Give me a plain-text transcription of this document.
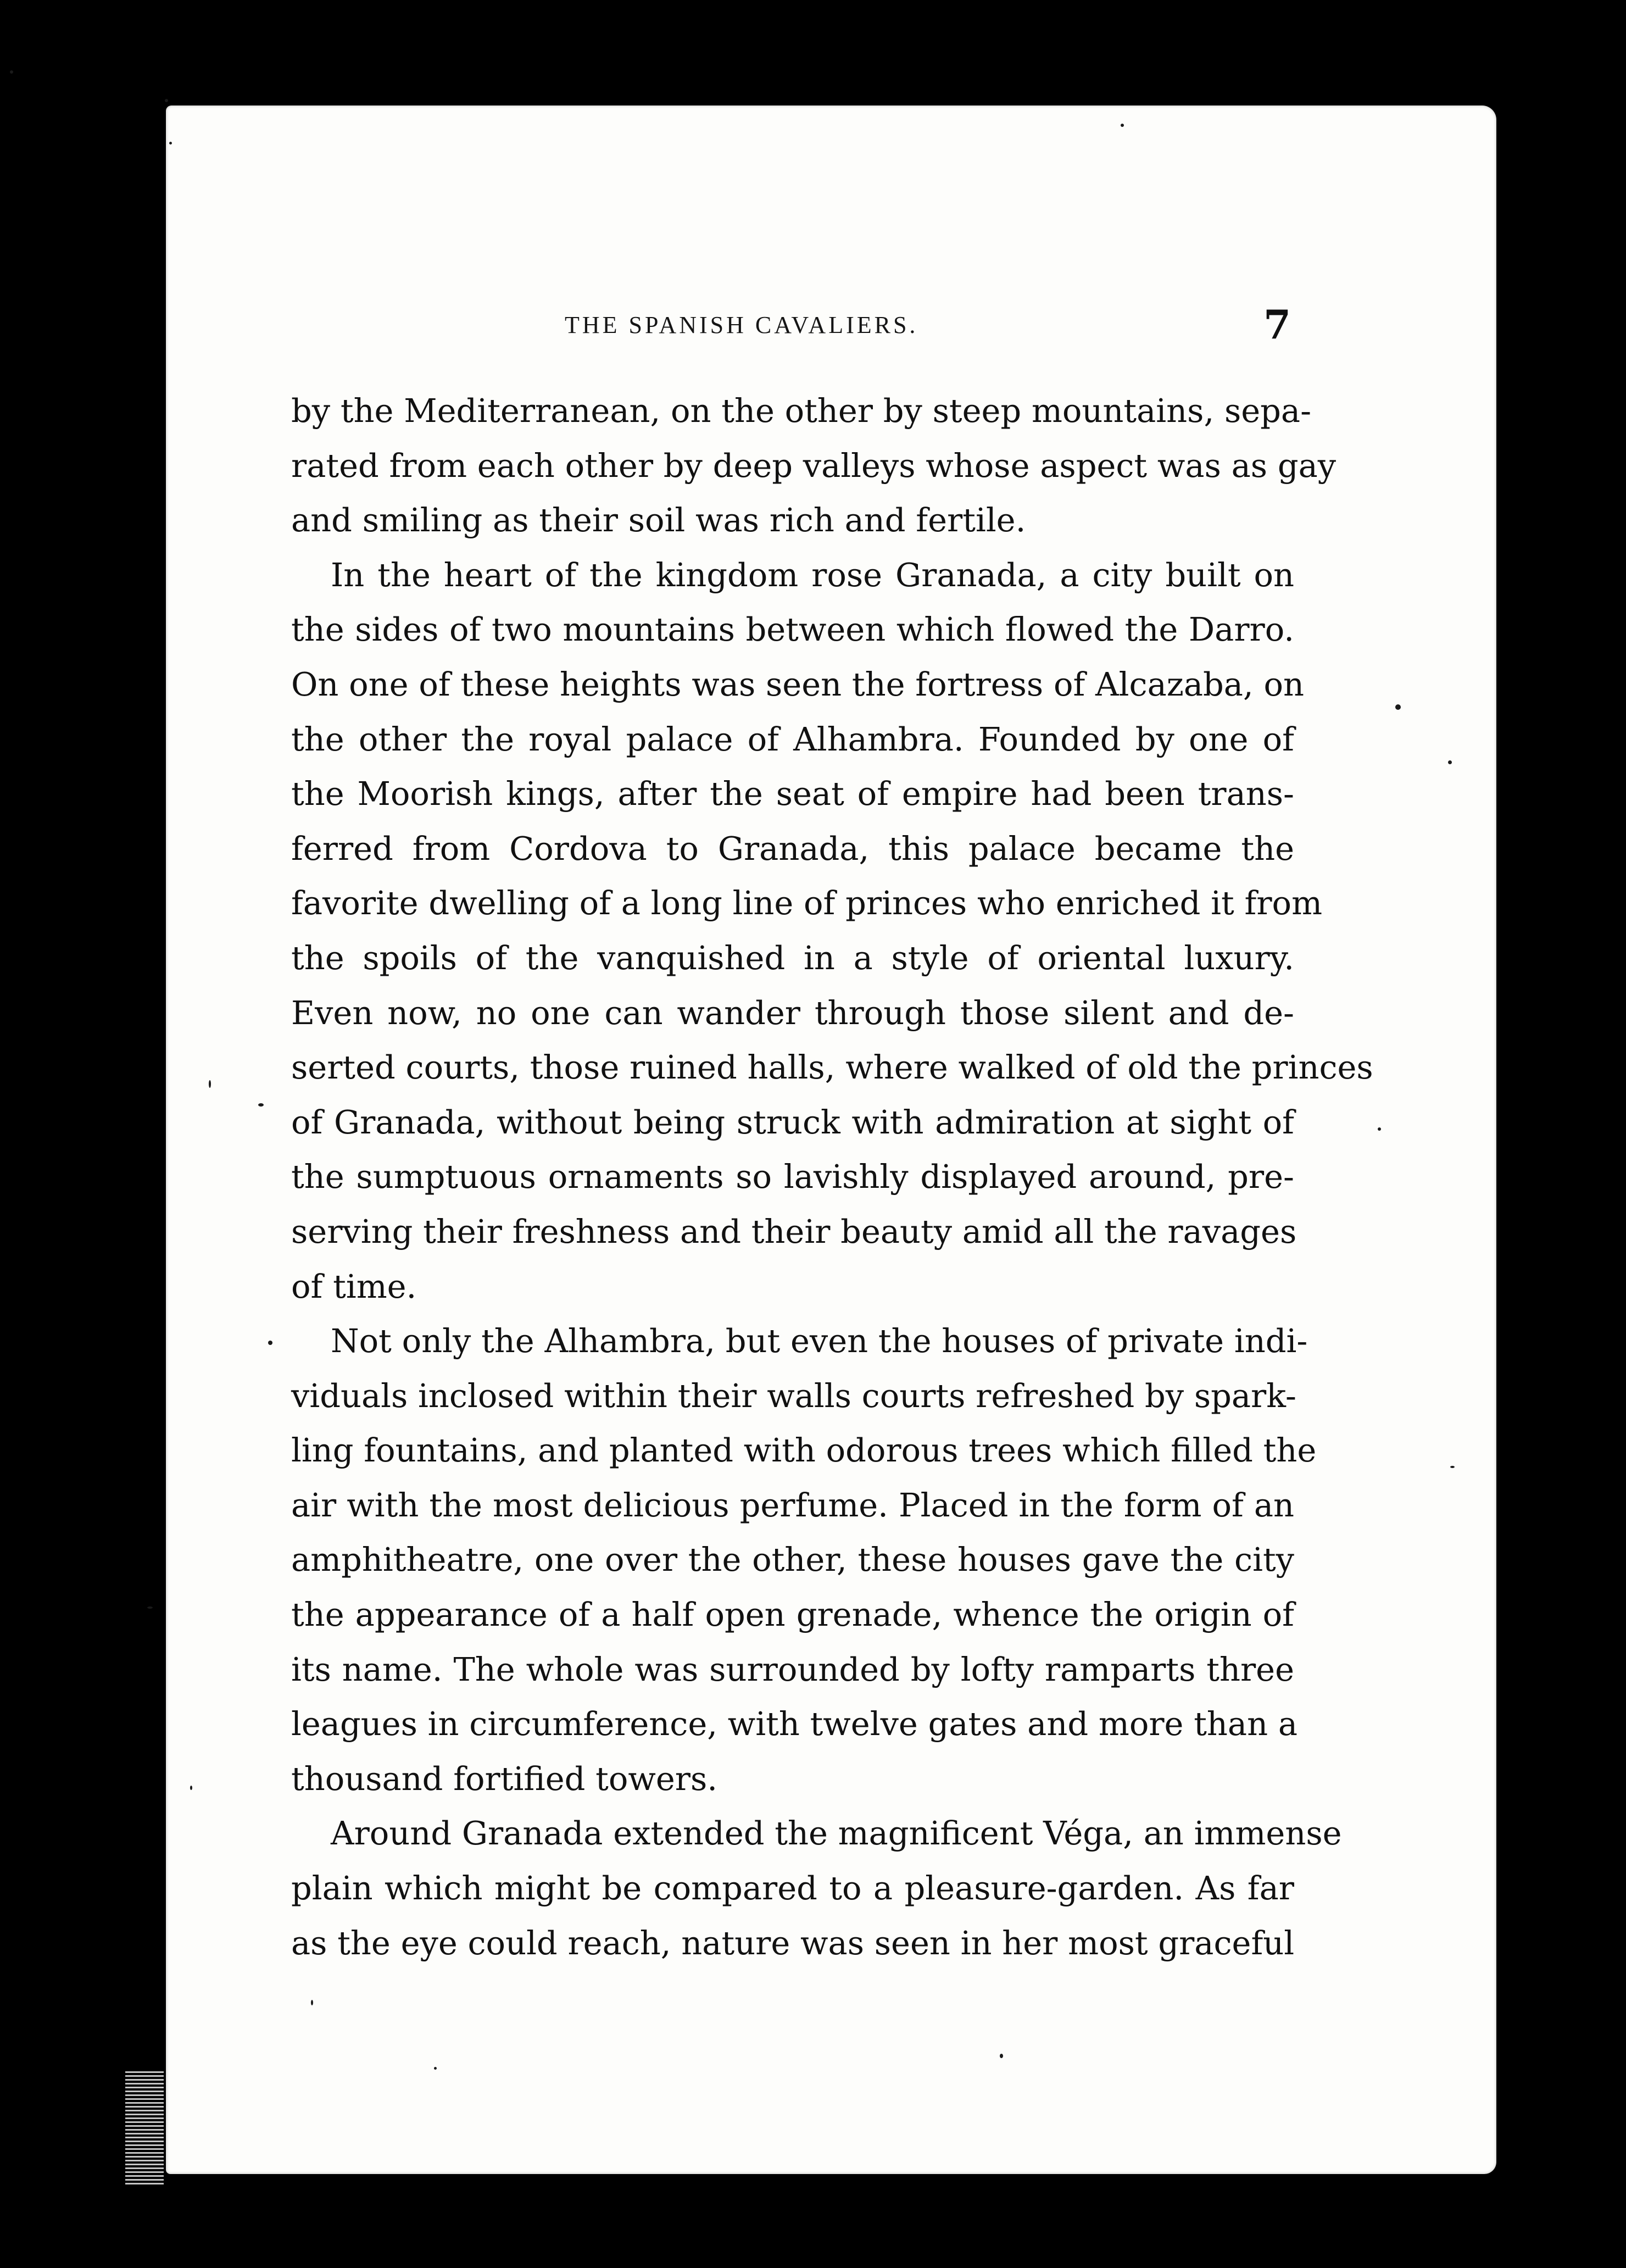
THE SPANISH CAVALIERS.	7
by the Mediterranean, on the other by steep mountains, sepa-
rated from each other by deep valleys whose aspect was as gay
and smiling as their soil was rich and fertile.
In the heart of the kingdom rose Granada, a city built on
the sides of two mountains between which flowed the Darro.
On one of these heights was seen the fortress of Alcazaba, on
the other the royal palace of Alhambra. Founded by one of
the Moorish kings, after the seat of empire had been trans-
ferred from Cordova to Granada, this palace became the
favorite dwelling of a long line of princes who enriched it from
the spoils of the vanquished in a style of oriental luxury.
Even now, no one can wander through those silent and de-
serted courts, those ruined halls, where walked of old the princes
of Granada, without being struck with admiration at sight of
the sumptuous ornaments so lavishly displayed around, pre-
serving their freshness and their beauty amid all the ravages
of time.
Not only the Alhambra, but even the houses of private indi-
viduals inclosed within their walls courts refreshed by spark-
ling fountains, and planted with odorous trees which filled the
air with the most delicious perfume. Placed in the form of an
amphitheatre, one over the other, these houses gave the city
the appearance of a half open grenade, whence the origin of
its name. The whole was surrounded by lofty ramparts three
leagues in circumference, with twelve gates and more than a
thousand fortified towers.
Around Granada extended the magnificent Véga, an immense
plain which might be compared to a pleasure-garden. As far
as the eye could reach, nature was seen in her most graceful
